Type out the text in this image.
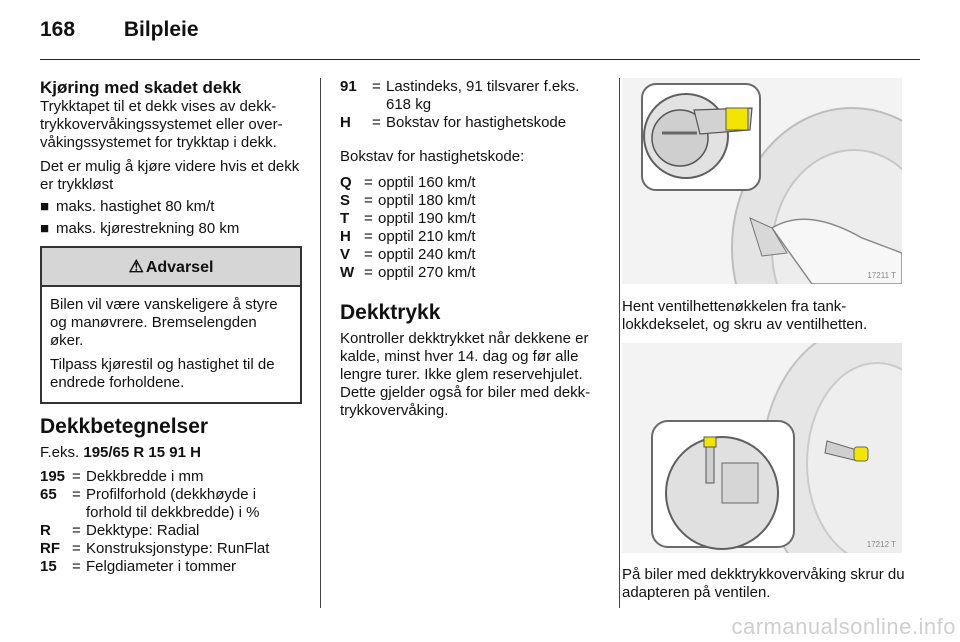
168 Bilpleie
Kjøring med skadet dekk

Trykktapet til et dekk vises av dekk-trykkovervåkingssystemet eller over-våkingssystemet for trykktap i dekk.

Det er mulig å kjøre videre hvis et dekk er trykkløst

■ maks. hastighet 80 km/t
■ maks. kjørestrekning 80 km
⚠ Advarsel

Bilen vil være vanskeligere å styre og manøvrere. Bremselengden øker.

Tilpass kjørestil og hastighet til de endrede forholdene.

Dekkbetegnelser

F.eks. 195/65 R 15 91 H

195 = Dekkbredde i mm
65	= Profilforhold (dekkhøyde i forhold til dekkbredde) i %
R	= Dekktype: Radial
RF = Konstruksjonstype: RunFlat
15	= Felgdiameter i tommer
91	= Lastindeks, 91 tilsvarer f.eks. 618 kg
H	= Bokstav for hastighetskode

Bokstav for hastighetskode:

Q = opptil 160 km/t
S = opptil 180 km/t
T = opptil 190 km/t
H = opptil 210 km/t
V = opptil 240 km/t
W = opptil 270 km/t
Dekktrykk

Kontroller dekktrykket når dekkene er kalde, minst hver 14. dag og før alle lengre turer. Ikke glem reservehjulet. Dette gjelder også for biler med dekk-trykkovervåking.

17211 T
Hent ventilhettenøkkelen fra tank-lokkdekselet, og skru av ventilhetten.
17212 T
På biler med dekktrykkovervåking skrur du adapteren på ventilen.
carmanualsonline.info
